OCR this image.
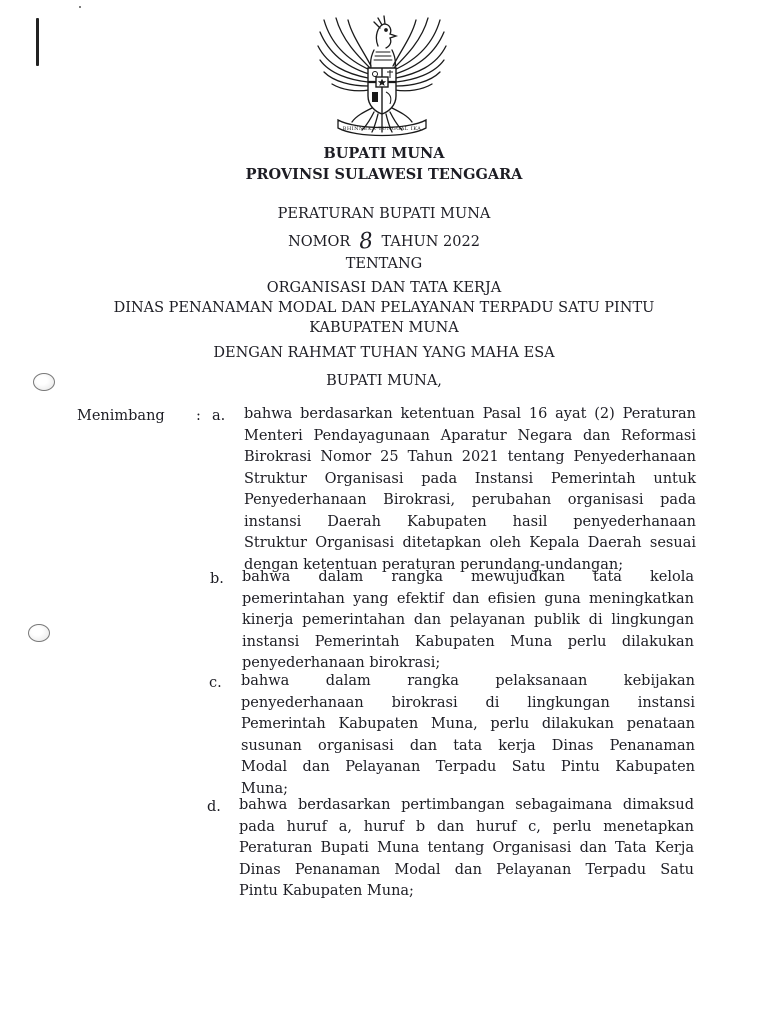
BHINNEKA TUNGGAL IKA
BUPATI MUNA
PROVINSI SULAWESI TENGGARA
PERATURAN BUPATI MUNA
NOMOR 8 TAHUN 2022
TENTANG
ORGANISASI DAN TATA KERJA
DINAS PENANAMAN MODAL DAN PELAYANAN TERPADU SATU PINTU
KABUPATEN MUNA
DENGAN RAHMAT TUHAN YANG MAHA ESA
BUPATI MUNA,
Menimbang : a. bahwa berdasarkan ketentuan Pasal 16 ayat (2) Peraturan
Menteri Pendayagunaan Aparatur Negara dan Reformasi
Birokrasi Nomor 25 Tahun 2021 tentang Penyederhanaan
Struktur Organisasi pada Instansi Pemerintah untuk
Penyederhanaan Birokrasi, perubahan organisasi pada
instansi Daerah Kabupaten hasil penyederhanaan
Struktur Organisasi ditetapkan oleh Kepala Daerah sesuai
dengan ketentuan peraturan perundang-undangan;
b. bahwa dalam rangka mewujudkan tata kelola
pemerintahan yang efektif dan efisien guna meningkatkan
kinerja pemerintahan dan pelayanan publik di lingkungan
instansi Pemerintah Kabupaten Muna perlu dilakukan
penyederhanaan birokrasi;
c. bahwa dalam rangka pelaksanaan kebijakan
penyederhanaan birokrasi di lingkungan instansi
Pemerintah Kabupaten Muna, perlu dilakukan penataan
susunan organisasi dan tata kerja Dinas Penanaman
Modal dan Pelayanan Terpadu Satu Pintu Kabupaten
Muna;
d. bahwa berdasarkan pertimbangan sebagaimana dimaksud
pada huruf a, huruf b dan huruf c, perlu menetapkan
Peraturan Bupati Muna tentang Organisasi dan Tata Kerja
Dinas Penanaman Modal dan Pelayanan Terpadu Satu
Pintu Kabupaten Muna;
